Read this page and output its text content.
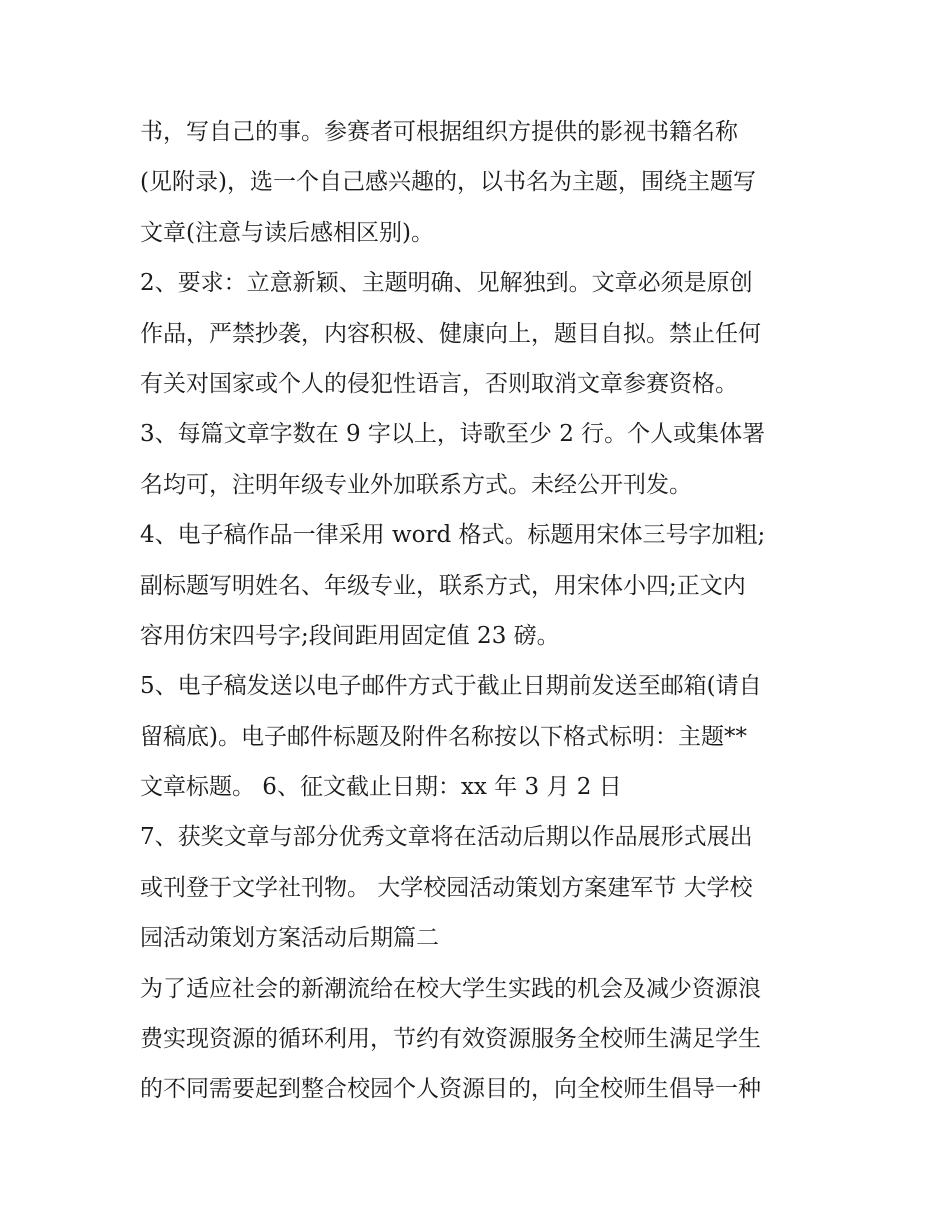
书，写自己的事。参赛者可根据组织方提供的影视书籍名称
(见附录)，选一个自己感兴趣的，以书名为主题，围绕主题写
文章(注意与读后感相区别)。
2、要求：立意新颖、主题明确、见解独到。文章必须是原创
作品，严禁抄袭，内容积极、健康向上，题目自拟。禁止任何
有关对国家或个人的侵犯性语言，否则取消文章参赛资格。
3、每篇文章字数在 9 字以上，诗歌至少 2 行。个人或集体署
名均可，注明年级专业外加联系方式。未经公开刊发。
4、电子稿作品一律采用 word 格式。标题用宋体三号字加粗;
副标题写明姓名、年级专业，联系方式，用宋体小四;正文内
容用仿宋四号字;段间距用固定值 23 磅。
5、电子稿发送以电子邮件方式于截止日期前发送至邮箱(请自
留稿底)。电子邮件标题及附件名称按以下格式标明：主题**
文章标题。 6、征文截止日期：xx 年 3 月 2 日
7、获奖文章与部分优秀文章将在活动后期以作品展形式展出
或刊登于文学社刊物。 大学校园活动策划方案建军节 大学校
园活动策划方案活动后期篇二
为了适应社会的新潮流给在校大学生实践的机会及减少资源浪
费实现资源的循环利用，节约有效资源服务全校师生满足学生
的不同需要起到整合校园个人资源目的，向全校师生倡导一种
